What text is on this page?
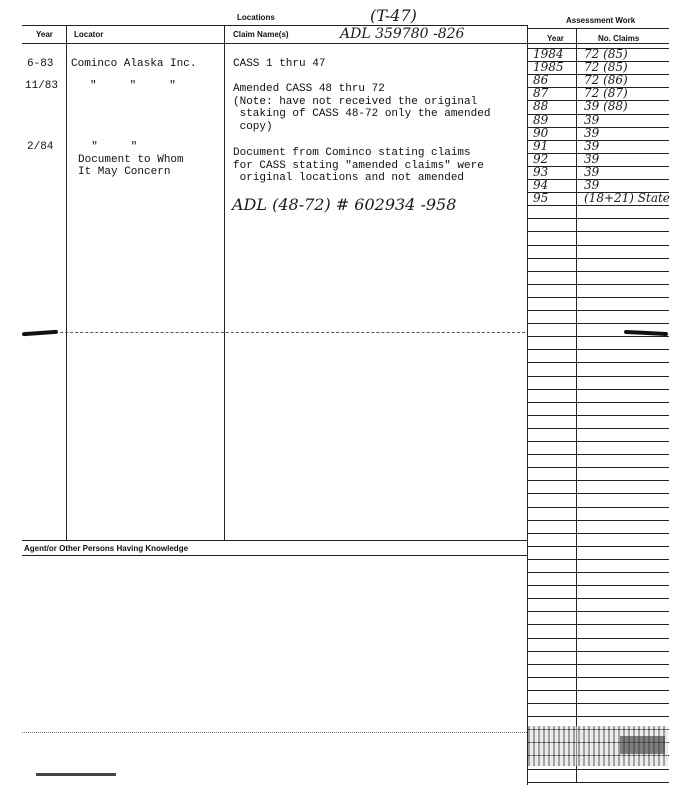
Locations	Assessment Work
(T-47)
Year	Locator	Claim Name(s)	ADL 359780 -826	Year	No. Claims
6-83 Cominco Alaska Inc.	CASS 1 thru 47
11/83	"     "     "	Amended CASS 48 thru 72
(Note: have not received the original
staking of CASS 48-72 only the amended
copy)
2/84	"     "
Document to Whom
It May Concern
Document from Cominco stating claims
for CASS stating "amended claims" were
original locations and not amended
ADL (48-72) # 602934 -958
1984 72 (85)
1985 72 (85)
86	72 (86)
87	72 (87)
88	39 (88)
89	39
90	39
91	39
92	39
93	39
94	39
95	(18+21) State
Agent/or Other Persons Having Knowledge
